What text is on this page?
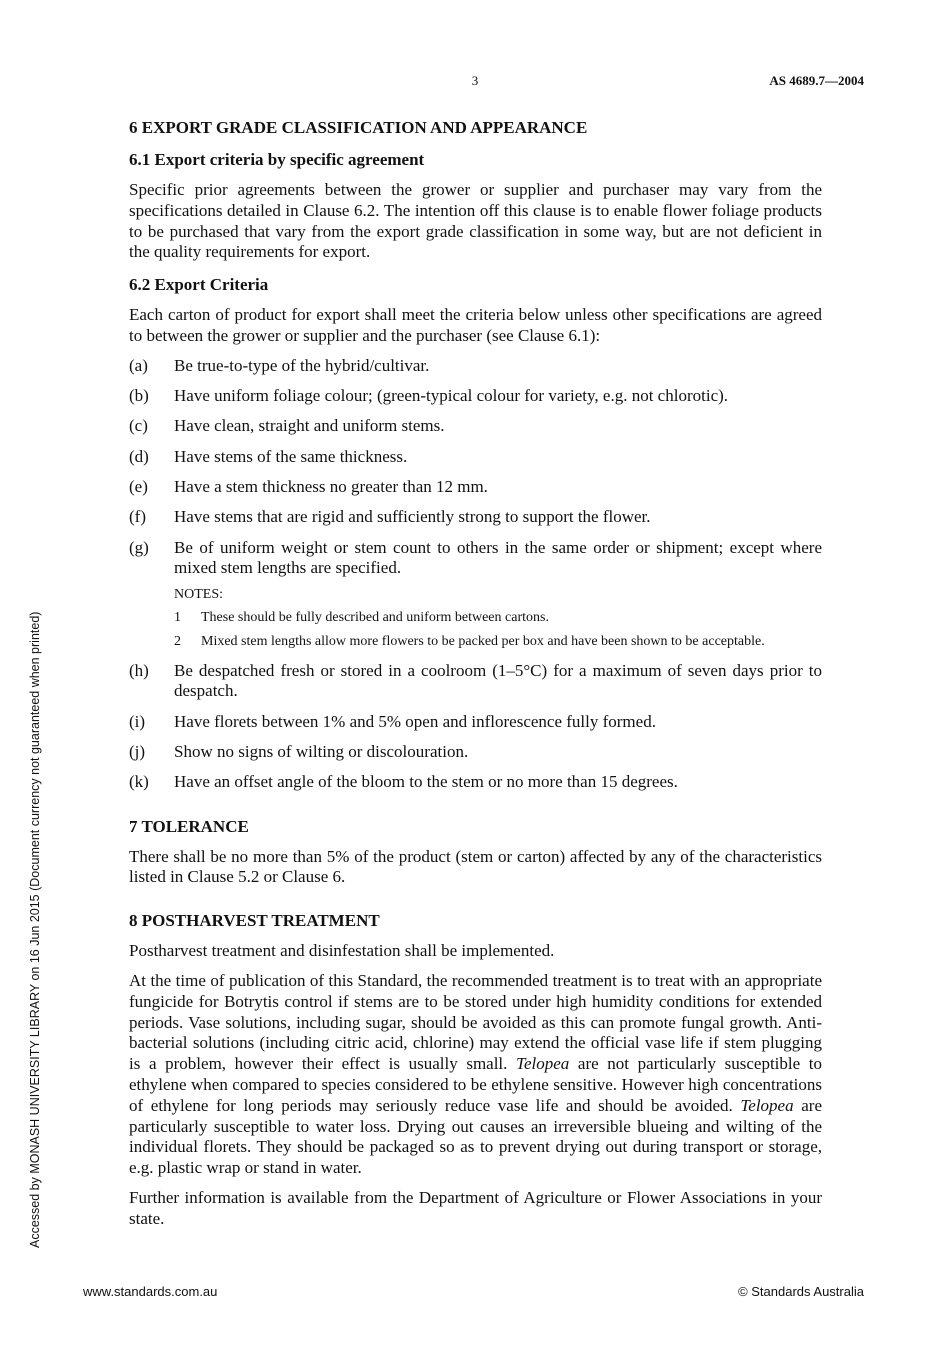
3	AS 4689.7—2004
Accessed by MONASH UNIVERSITY LIBRARY on 16 Jun 2015 (Document currency not guaranteed when printed)
6 EXPORT GRADE CLASSIFICATION AND APPEARANCE
6.1 Export criteria by specific agreement
Specific prior agreements between the grower or supplier and purchaser may vary from the specifications detailed in Clause 6.2. The intention off this clause is to enable flower foliage products to be purchased that vary from the export grade classification in some way, but are not deficient in the quality requirements for export.
6.2 Export Criteria
Each carton of product for export shall meet the criteria below unless other specifications are agreed to between the grower or supplier and the purchaser (see Clause 6.1):
(a)	Be true-to-type of the hybrid/cultivar.
(b)	Have uniform foliage colour; (green-typical colour for variety, e.g. not chlorotic).
(c)	Have clean, straight and uniform stems.
(d)	Have stems of the same thickness.
(e)	Have a stem thickness no greater than 12 mm.
(f)	Have stems that are rigid and sufficiently strong to support the flower.
(g)	Be of uniform weight or stem count to others in the same order or shipment; except where mixed stem lengths are specified.
NOTES:
1	These should be fully described and uniform between cartons.
2	Mixed stem lengths allow more flowers to be packed per box and have been shown to be acceptable.
(h)	Be despatched fresh or stored in a coolroom (1–5°C) for a maximum of seven days prior to despatch.
(i)	Have florets between 1% and 5% open and inflorescence fully formed.
(j)	Show no signs of wilting or discolouration.
(k)	Have an offset angle of the bloom to the stem or no more than 15 degrees.
7 TOLERANCE
There shall be no more than 5% of the product (stem or carton) affected by any of the characteristics listed in Clause 5.2 or Clause 6.
8 POSTHARVEST TREATMENT
Postharvest treatment and disinfestation shall be implemented.
At the time of publication of this Standard, the recommended treatment is to treat with an appropriate fungicide for Botrytis control if stems are to be stored under high humidity conditions for extended periods. Vase solutions, including sugar, should be avoided as this can promote fungal growth. Anti-bacterial solutions (including citric acid, chlorine) may extend the official vase life if stem plugging is a problem, however their effect is usually small. Telopea are not particularly susceptible to ethylene when compared to species considered to be ethylene sensitive. However high concentrations of ethylene for long periods may seriously reduce vase life and should be avoided. Telopea are particularly susceptible to water loss. Drying out causes an irreversible blueing and wilting of the individual florets. They should be packaged so as to prevent drying out during transport or storage, e.g. plastic wrap or stand in water.
Further information is available from the Department of Agriculture or Flower Associations in your state.
www.standards.com.au	© Standards Australia
